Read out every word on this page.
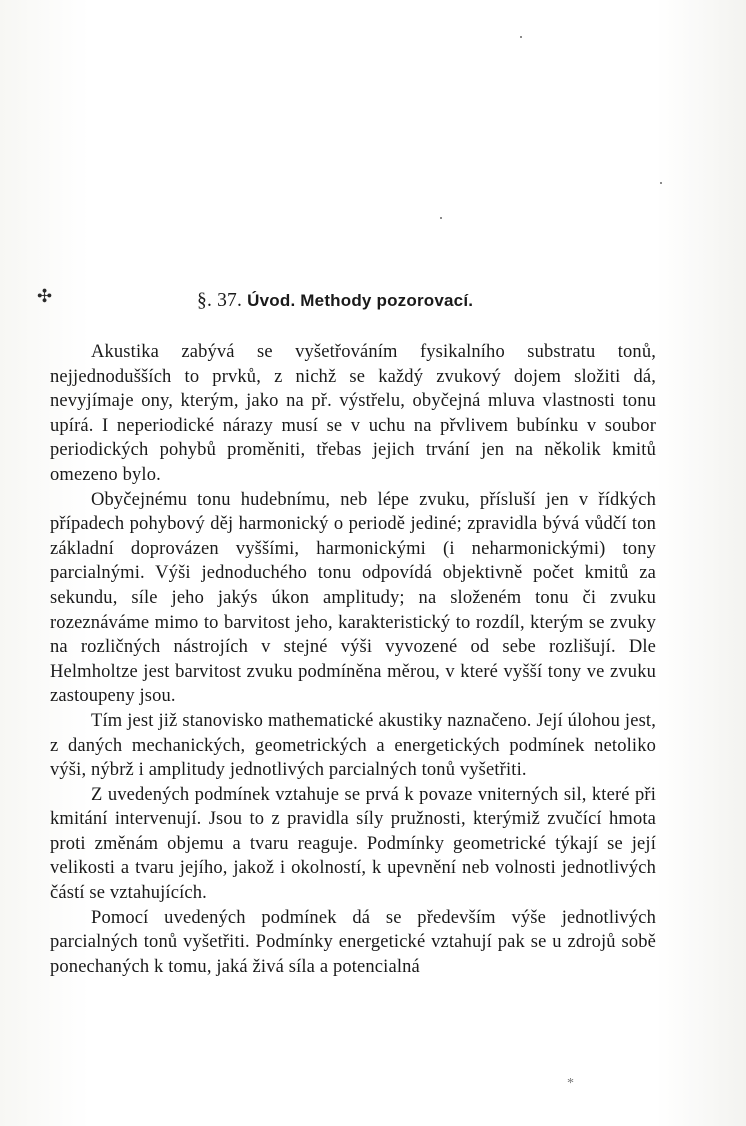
✣	§. 37. Úvod. Methody pozorovací.

Akustika zabývá se vyšetřováním fysikalního substratu tonů, nejjednodušších to prvků, z nichž se každý zvukový dojem složiti dá, nevyjímaje ony, kterým, jako na př. výstřelu, obyčejná mluva vlastnosti tonu upírá. I neperiodické nárazy musí se v uchu na přvlivem bubínku v soubor periodických pohybů proměniti, třebas jejich trvání jen na několik kmitů omezeno bylo.

Obyčejnému tonu hudebnímu, neb lépe zvuku, přísluší jen v řídkých případech pohybový děj harmonický o periodě jediné; zpravidla bývá vůdčí ton základní doprovázen vyššími, harmonickými (i neharmonickými) tony parcialnými. Výši jednoduchého tonu odpovídá objektivně počet kmitů za sekundu, síle jeho jakýs úkon amplitudy; na složeném tonu či zvuku rozeznáváme mimo to barvitost jeho, karakteristický to rozdíl, kterým se zvuky na rozličných nástrojích v stejné výši vyvozené od sebe rozlišují. Dle Helmholtze jest barvitost zvuku podmíněna měrou, v které vyšší tony ve zvuku zastoupeny jsou.

Tím jest již stanovisko mathematické akustiky naznačeno. Její úlohou jest, z daných mechanických, geometrických a energetických podmínek netoliko výši, nýbrž i amplitudy jednotlivých parcialných tonů vyšetřiti.

Z uvedených podmínek vztahuje se prvá k povaze vniterných sil, které při kmitání intervenují. Jsou to z pravidla síly pružnosti, kterýmiž zvučící hmota proti změnám objemu a tvaru reaguje. Podmínky geometrické týkají se její velikosti a tvaru jejího, jakož i okolností, k upevnění neb volnosti jednotlivých částí se vztahujících.

Pomocí uvedených podmínek dá se především výše jednotlivých parcialných tonů vyšetřiti. Podmínky energetické vztahují pak se u zdrojů sobě ponechaných k tomu, jaká živá síla a potencialná

*
